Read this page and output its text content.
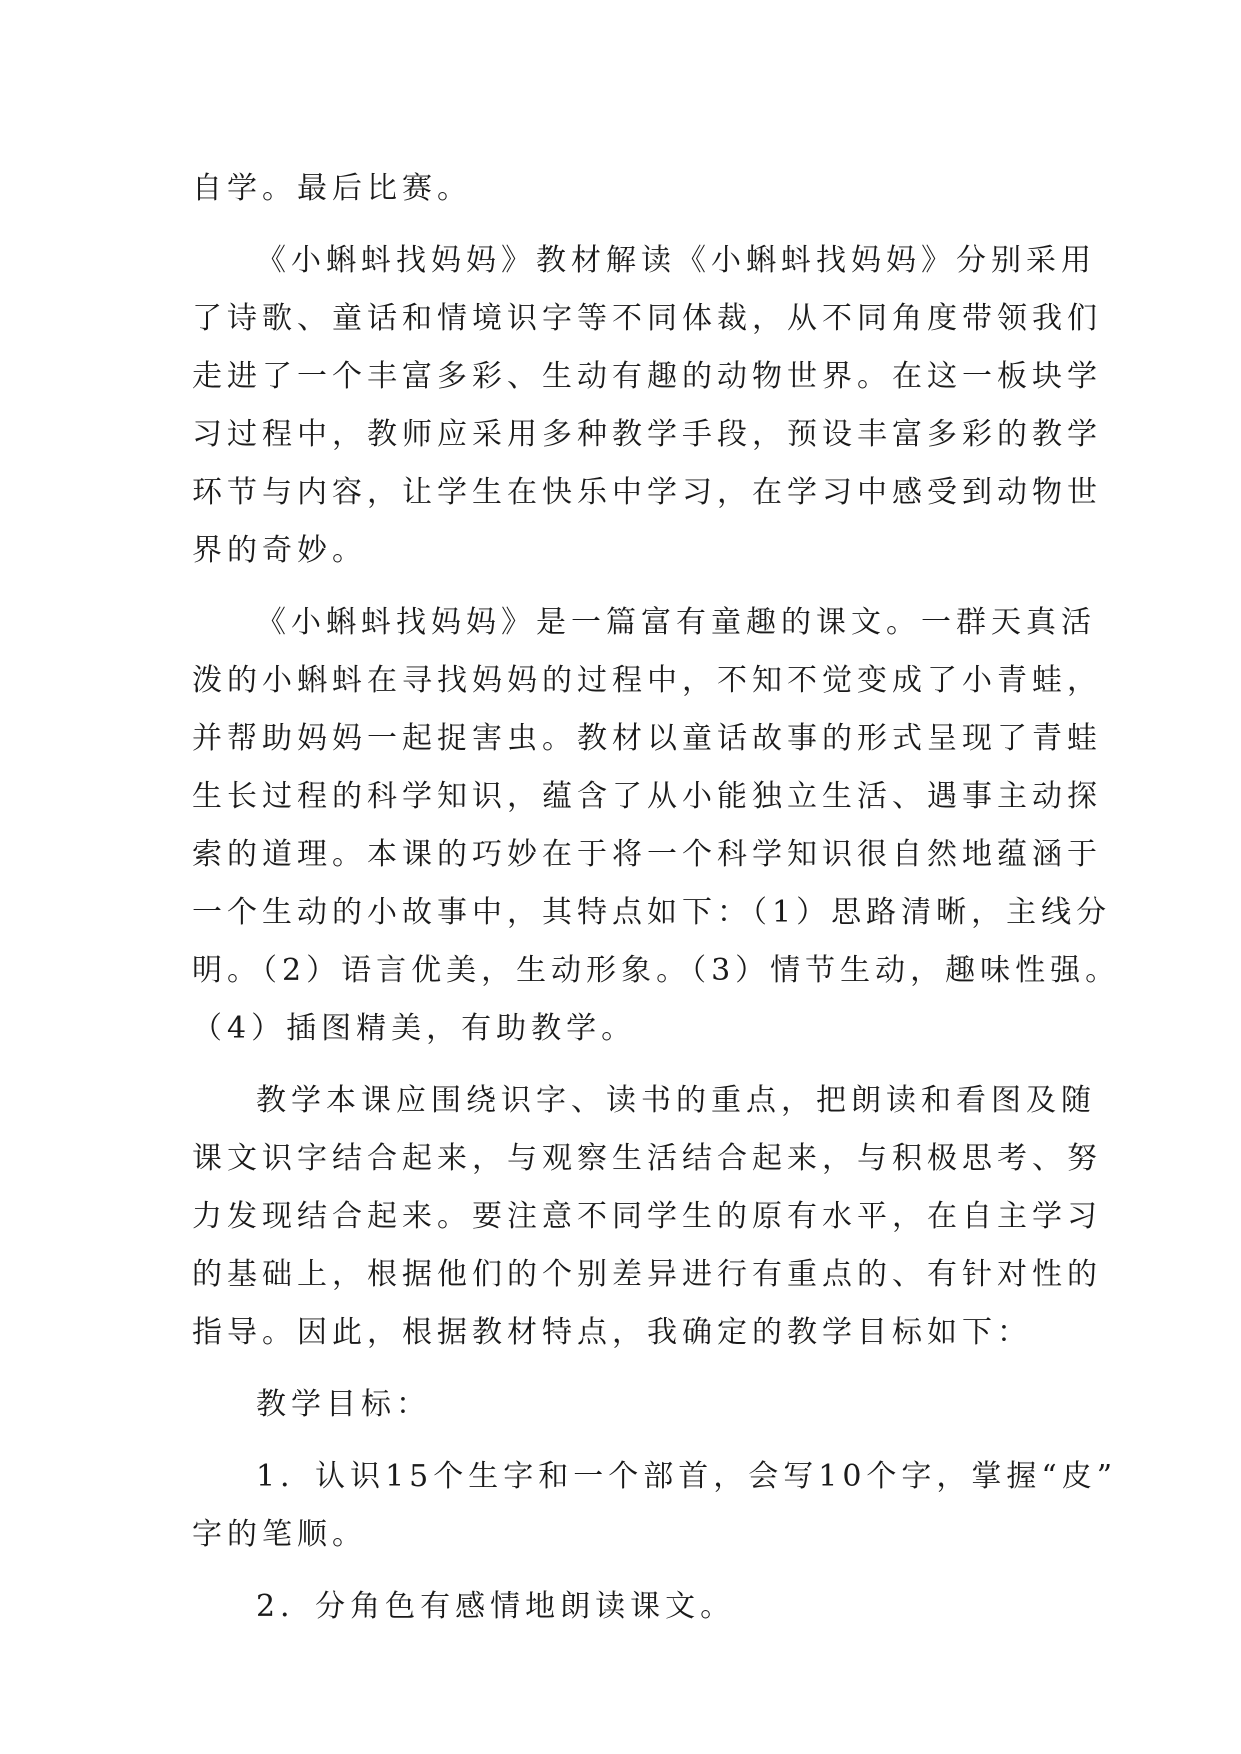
自学。最后比赛。
《小蝌蚪找妈妈》教材解读《小蝌蚪找妈妈》分别采用
了诗歌、童话和情境识字等不同体裁，从不同角度带领我们
走进了一个丰富多彩、生动有趣的动物世界。在这一板块学
习过程中，教师应采用多种教学手段，预设丰富多彩的教学
环节与内容，让学生在快乐中学习，在学习中感受到动物世
界的奇妙。
《小蝌蚪找妈妈》是一篇富有童趣的课文。一群天真活
泼的小蝌蚪在寻找妈妈的过程中，不知不觉变成了小青蛙，
并帮助妈妈一起捉害虫。教材以童话故事的形式呈现了青蛙
生长过程的科学知识，蕴含了从小能独立生活、遇事主动探
索的道理。本课的巧妙在于将一个科学知识很自然地蕴涵于
一个生动的小故事中，其特点如下：（1）思路清晰，主线分
明。（2）语言优美，生动形象。（3）情节生动，趣味性强。
（4）插图精美，有助教学。
教学本课应围绕识字、读书的重点，把朗读和看图及随
课文识字结合起来，与观察生活结合起来，与积极思考、努
力发现结合起来。要注意不同学生的原有水平，在自主学习
的基础上，根据他们的个别差异进行有重点的、有针对性的
指导。因此，根据教材特点，我确定的教学目标如下：
教学目标：
1．认识15个生字和一个部首，会写10个字，掌握“皮”
字的笔顺。
2．分角色有感情地朗读课文。
